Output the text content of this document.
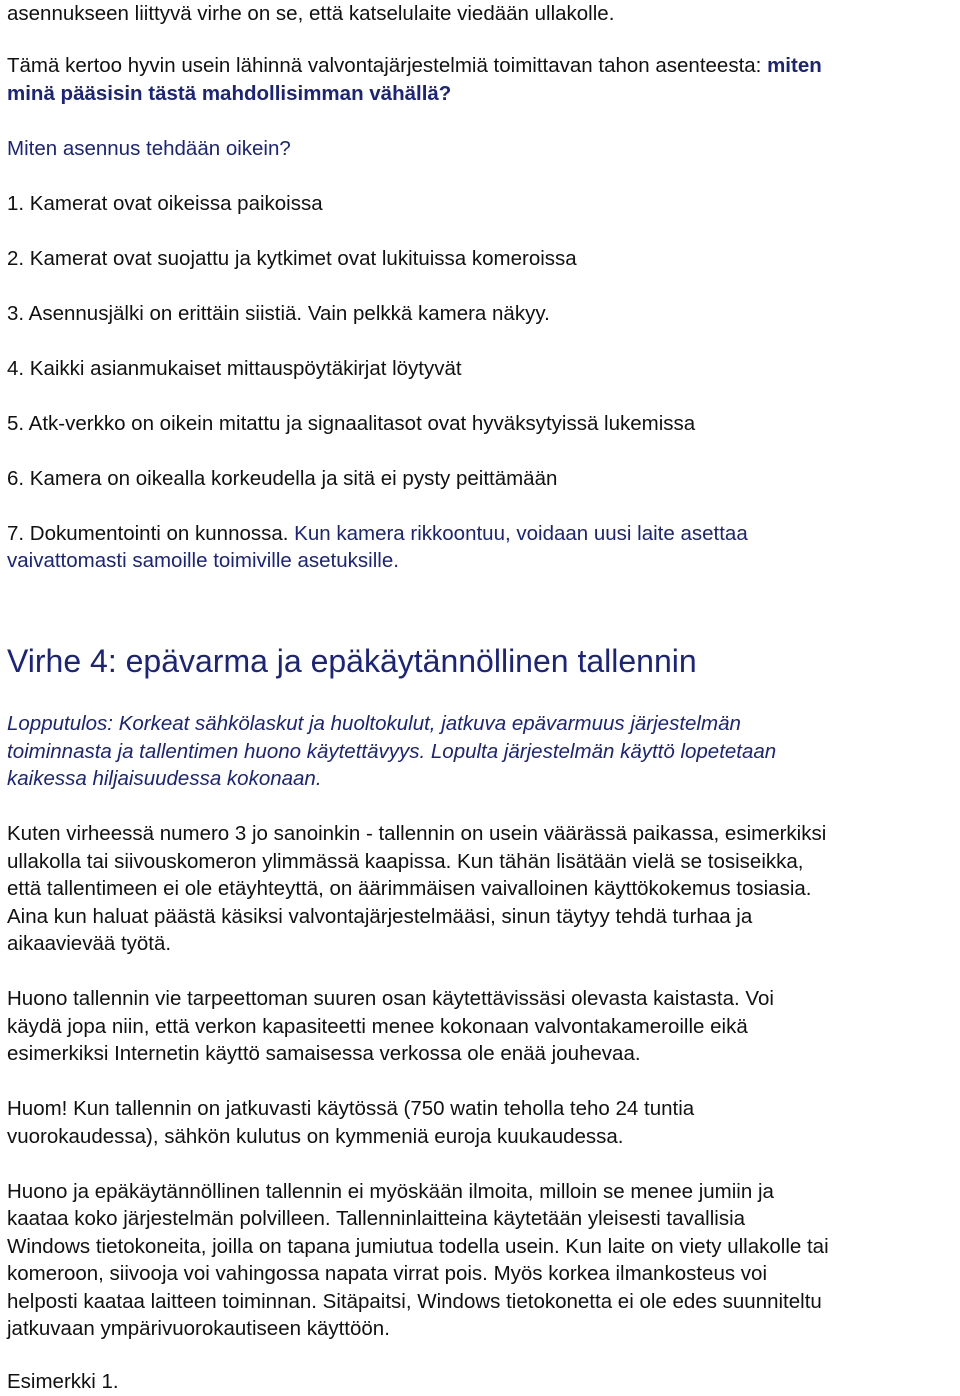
asennukseen liittyvä virhe on se, että katselulaite viedään ullakolle.
Tämä kertoo hyvin usein lähinnä valvontajärjestelmiä toimittavan tahon asenteesta: miten
minä pääsisin tästä mahdollisimman vähällä?
Miten asennus tehdään oikein?
1. Kamerat ovat oikeissa paikoissa
2. Kamerat ovat suojattu ja kytkimet ovat lukituissa komeroissa
3. Asennusjälki on erittäin siistiä. Vain pelkkä kamera näkyy.
4. Kaikki asianmukaiset mittauspöytäkirjat löytyvät
5. Atk-verkko on oikein mitattu ja signaalitasot ovat hyväksytyissä lukemissa
6. Kamera on oikealla korkeudella ja sitä ei pysty peittämään
7. Dokumentointi on kunnossa. Kun kamera rikkoontuu, voidaan uusi laite asettaa
vaivattomasti samoille toimiville asetuksille.
Virhe 4: epävarma ja epäkäytännöllinen tallennin
Lopputulos: Korkeat sähkölaskut ja huoltokulut, jatkuva epävarmuus järjestelmän
toiminnasta ja tallentimen huono käytettävyys. Lopulta järjestelmän käyttö lopetetaan
kaikessa hiljaisuudessa kokonaan.
Kuten virheessä numero 3 jo sanoinkin - tallennin on usein väärässä paikassa, esimerkiksi
ullakolla tai siivouskomeron ylimmässä kaapissa. Kun tähän lisätään vielä se tosiseikka,
että tallentimeen ei ole etäyhteyttä, on äärimmäisen vaivalloinen käyttökokemus tosiasia.
Aina kun haluat päästä käsiksi valvontajärjestelmääsi, sinun täytyy tehdä turhaa ja
aikaavievää työtä.
Huono tallennin vie tarpeettoman suuren osan käytettävissäsi olevasta kaistasta. Voi
käydä jopa niin, että verkon kapasiteetti menee kokonaan valvontakameroille eikä
esimerkiksi Internetin käyttö samaisessa verkossa ole enää jouhevaa.
Huom! Kun tallennin on jatkuvasti käytössä (750 watin teholla teho 24 tuntia
vuorokaudessa), sähkön kulutus on kymmeniä euroja kuukaudessa.
Huono ja epäkäytännöllinen tallennin ei myöskään ilmoita, milloin se menee jumiin ja
kaataa koko järjestelmän polvilleen. Tallenninlaitteina käytetään yleisesti tavallisia
Windows tietokoneita, joilla on tapana jumiutua todella usein. Kun laite on viety ullakolle tai
komeroon, siivooja voi vahingossa napata virrat pois. Myös korkea ilmankosteus voi
helposti kaataa laitteen toiminnan. Sitäpaitsi, Windows tietokonetta ei ole edes suunniteltu
jatkuvaan ympärivuorokautiseen käyttöön.
Esimerkki 1.
